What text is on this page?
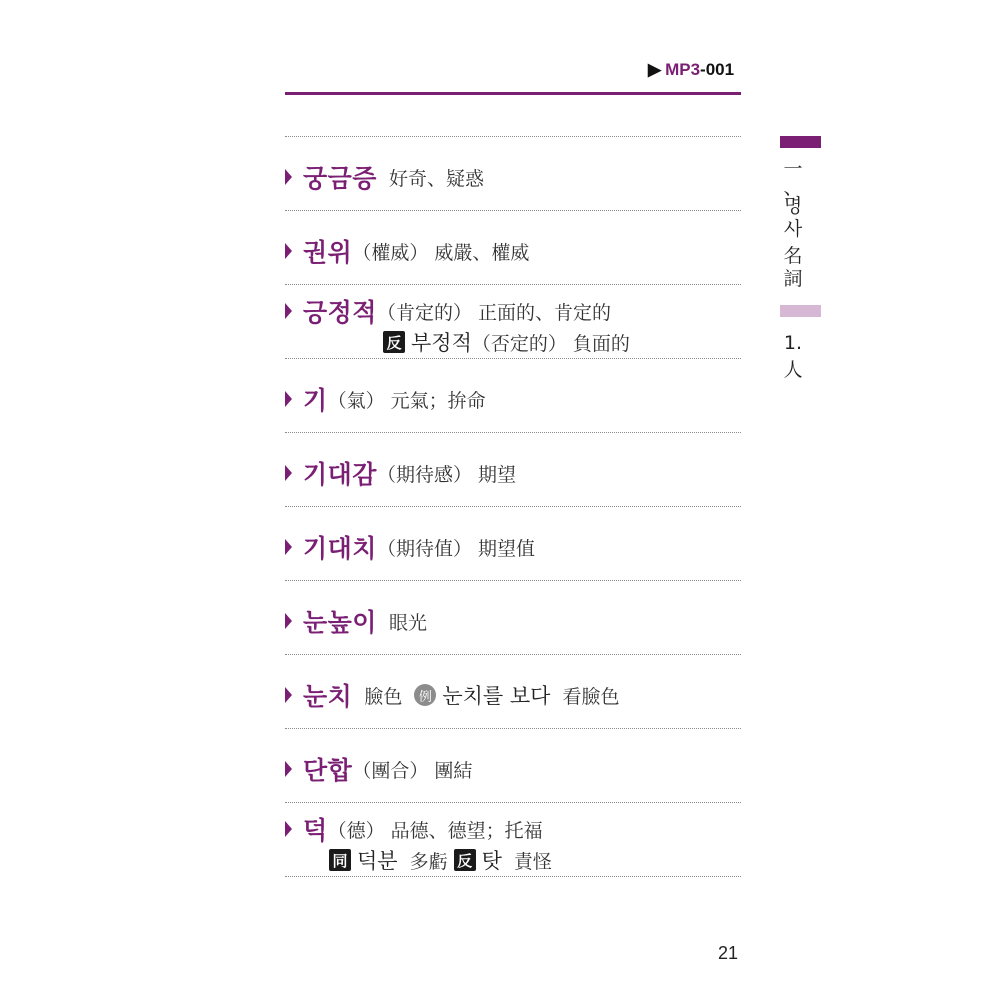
▶ MP3 -001
一
、
명
사
名
詞
1.
人
궁금증 好奇、疑惑
권위 （權威） 威嚴、權威
긍정적 （肯定的） 正面的、肯定的
反 부정적 （否定的） 負面的
기 （氣） 元氣；拚命
기대감 （期待感） 期望
기대치 （期待值） 期望值
눈높이 眼光
눈치 臉色	例 눈치를 보다 看臉色
단합 （團合） 團結
덕 （德） 品德、德望；托福
同 덕분 多虧 反 탓 責怪
21
